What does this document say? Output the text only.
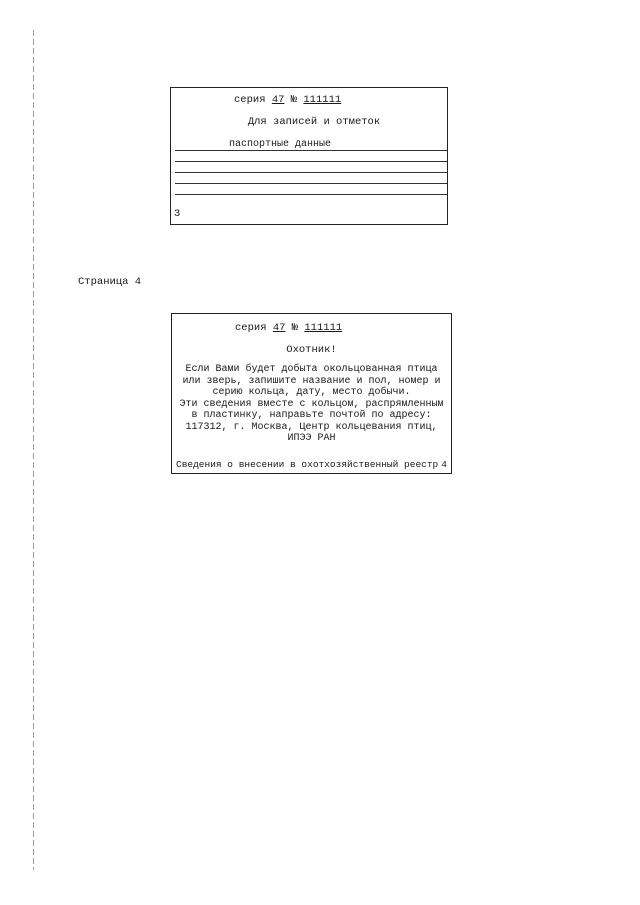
серия 47 № 111111
Для записей и отметок
паспортные данные
3
Страница 4
серия 47 № 111111
Охотник!
Если Вами будет добыта окольцованная птица
или зверь, запишите название и пол, номер и
серию кольца, дату, место добычи.
Эти сведения вместе с кольцом, распрямленным
в пластинку, направьте почтой по адресу:
117312, г. Москва, Центр кольцевания птиц,
ИПЭЭ РАН
Сведения о внесении в охотхозяйственный реестр 4
